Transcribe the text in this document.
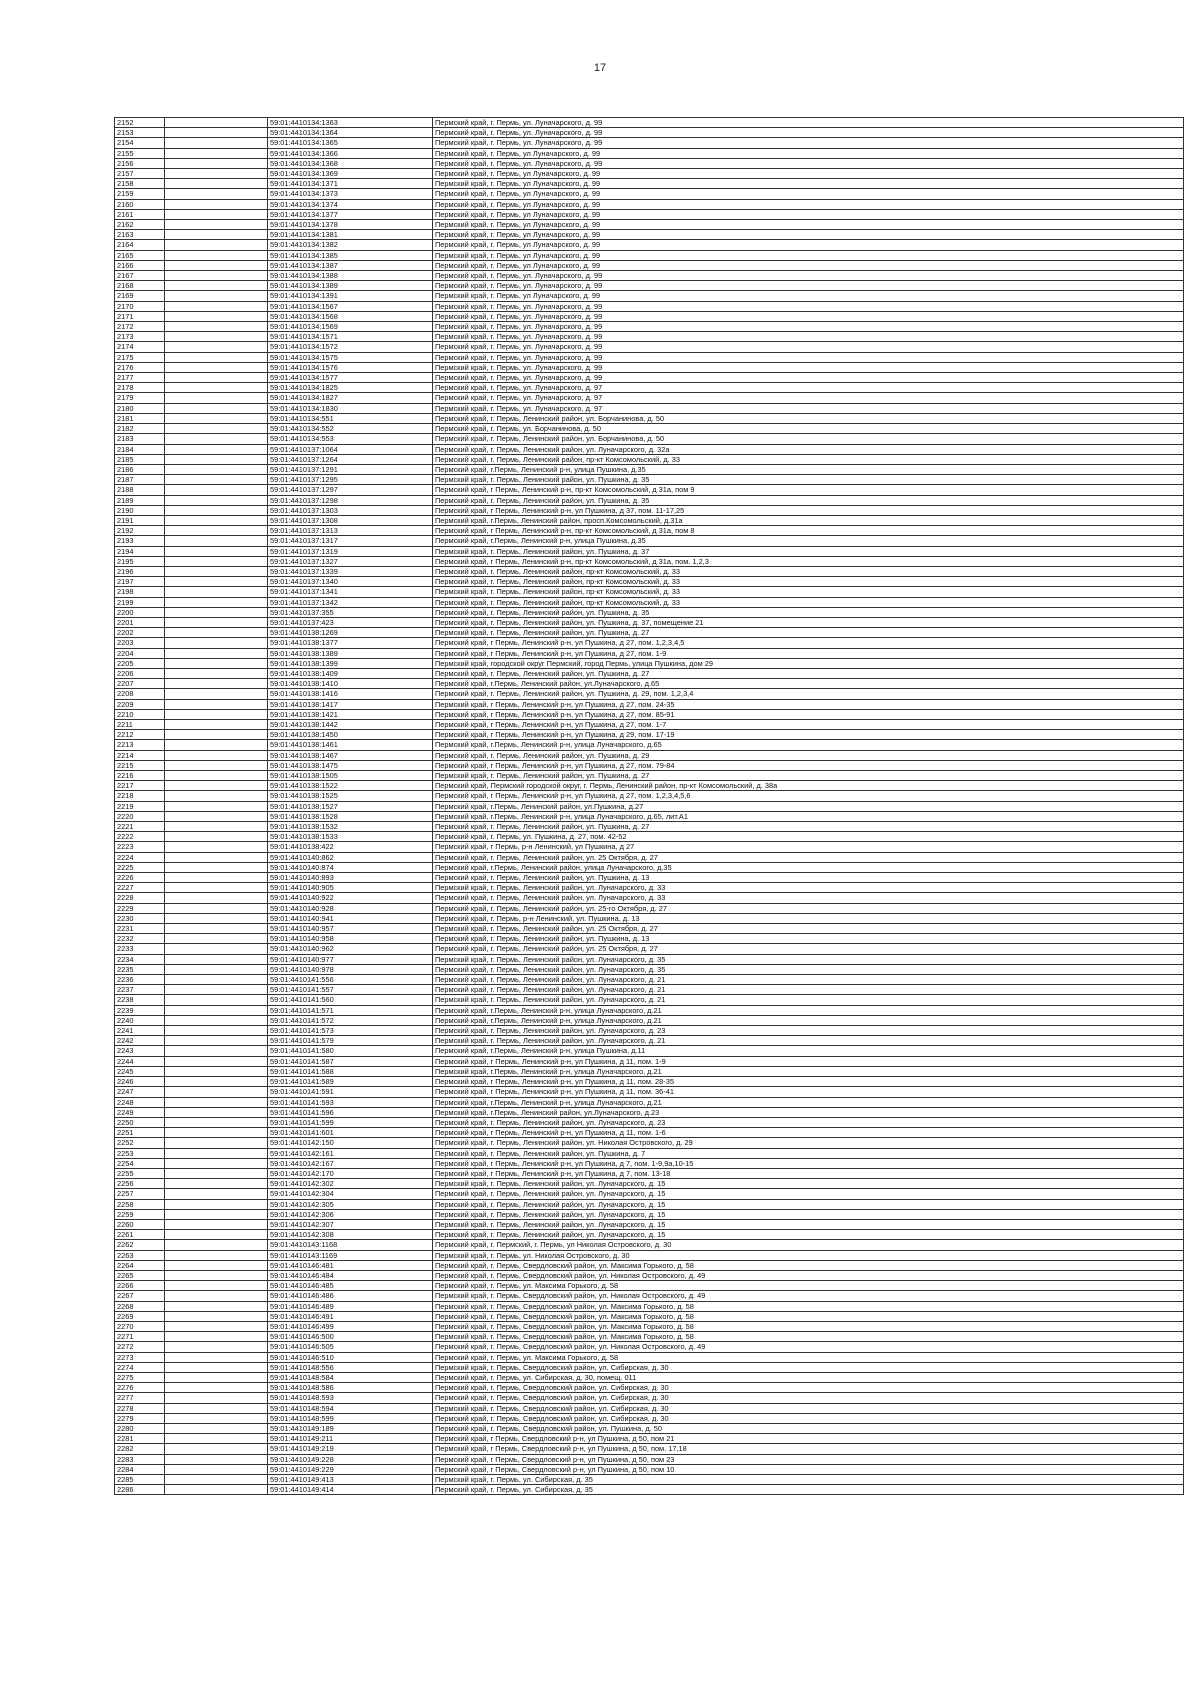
17
2152		59:01:4410134:1363	Пермский край, г. Пермь, ул. Луначарского, д. 99
2153		59:01:4410134:1364	Пермский край, г. Пермь, ул. Луначарского, д. 99
2154		59:01:4410134:1365	Пермский край, г. Пермь, ул. Луначарского, д. 99
2155		59:01:4410134:1366	Пермский край, г. Пермь, ул Луначарского, д. 99
2156		59:01:4410134:1368	Пермский край, г. Пермь, ул. Луначарского, д. 99
2157		59:01:4410134:1369	Пермский край, г. Пермь, ул Луначарского, д. 99
2158		59:01:4410134:1371	Пермский край, г. Пермь, ул Луначарского, д. 99
2159		59:01:4410134:1373	Пермский край, г. Пермь, ул Луначарского, д. 99
2160		59:01:4410134:1374	Пермский край, г. Пермь, ул Луначарского, д. 99
2161		59:01:4410134:1377	Пермский край, г. Пермь, ул Луначарского, д. 99
2162		59:01:4410134:1378	Пермский край, г. Пермь, ул Луначарского, д. 99
2163		59:01:4410134:1381	Пермский край, г. Пермь, ул Луначарского, д. 99
2164		59:01:4410134:1382	Пермский край, г. Пермь, ул Луначарского, д. 99
2165		59:01:4410134:1385	Пермский край, г. Пермь, ул Луначарского, д. 99
2166		59:01:4410134:1387	Пермский край, г. Пермь, ул Луначарского, д. 99
2167		59:01:4410134:1388	Пермский край, г. Пермь, ул. Луначарского, д. 99
2168		59:01:4410134:1389	Пермский край, г. Пермь, ул. Луначарского, д. 99
2169		59:01:4410134:1391	Пермский край, г. Пермь, ул Луначарского, д. 99
2170		59:01:4410134:1567	Пермский край, г. Пермь, ул. Луначарского, д. 99
2171		59:01:4410134:1568	Пермский край, г. Пермь, ул. Луначарского, д. 99
2172		59:01:4410134:1569	Пермский край, г. Пермь, ул. Луначарского, д. 99
2173		59:01:4410134:1571	Пермский край, г. Пермь, ул. Луначарского, д. 99
2174		59:01:4410134:1572	Пермский край, г. Пермь, ул. Луначарского, д. 99
2175		59:01:4410134:1575	Пермский край, г. Пермь, ул. Луначарского, д. 99
2176		59:01:4410134:1576	Пермский край, г. Пермь, ул. Луначарского, д. 99
2177		59:01:4410134:1577	Пермский край, г. Пермь, ул. Луначарского, д. 99
2178		59:01:4410134:1825	Пермский край, г. Пермь, ул. Луначарского, д. 97
2179		59:01:4410134:1827	Пермский край, г. Пермь, ул. Луначарского, д. 97
2180		59:01:4410134:1830	Пермский край, г. Пермь, ул. Луначарского, д. 97
2181		59:01:4410134:551	Пермский край, г. Пермь, Ленинский район, ул. Борчанинова, д. 50
2182		59:01:4410134:552	Пермский край, г. Пермь, ул. Борчанинова, д. 50
2183		59:01:4410134:553	Пермский край, г. Пермь, Ленинский район, ул. Борчанинова, д. 50
2184		59:01:4410137:1064	Пермский край, г. Пермь, Ленинский район, ул. Луначарского, д. 32а
2185		59:01:4410137:1264	Пермский край, г. Пермь, Ленинский район, пр-кт Комсомольский, д. 33
2186		59:01:4410137:1291	Пермский край, г.Пермь, Ленинский р-н, улица Пушкина, д.35
2187		59:01:4410137:1295	Пермский край, г. Пермь, Ленинский район, ул. Пушкина, д. 35
2188		59:01:4410137:1297	Пермский край, г Пермь, Ленинский р-н, пр-кт Комсомольский, д 31а, пом 9
2189		59:01:4410137:1298	Пермский край, г. Пермь, Ленинский район, ул. Пушкина, д. 35
2190		59:01:4410137:1303	Пермский край, г Пермь, Ленинский р-н, ул Пушкина, д 37, пом. 11-17,25
2191		59:01:4410137:1308	Пермский край, г.Пермь, Ленинский район, просп.Комсомольский, д.31а
2192		59:01:4410137:1313	Пермский край, г Пермь, Ленинский р-н, пр-кт Комсомольский, д 31а, пом 8
2193		59:01:4410137:1317	Пермский край, г.Пермь, Ленинский р-н, улица Пушкина, д.35
2194		59:01:4410137:1319	Пермский край, г. Пермь, Ленинский район, ул. Пушкина, д. 37
2195		59:01:4410137:1327	Пермский край, г Пермь, Ленинский р-н, пр-кт Комсомольский, д 31а, пом. 1,2,3
2196		59:01:4410137:1339	Пермский край, г. Пермь, Ленинский район, пр-кт Комсомольский, д. 33
2197		59:01:4410137:1340	Пермский край, г. Пермь, Ленинский район, пр-кт Комсомольский, д. 33
2198		59:01:4410137:1341	Пермский край, г. Пермь, Ленинский район, пр-кт Комсомольский, д. 33
2199		59:01:4410137:1342	Пермский край, г. Пермь, Ленинский район, пр-кт Комсомольский, д. 33
2200		59:01:4410137:355	Пермский край, г. Пермь, Ленинский район, ул. Пушкина, д. 35
2201		59:01:4410137:423	Пермский край, г. Пермь, Ленинский район, ул. Пушкина, д. 37, помещение 21
2202		59:01:4410138:1269	Пермский край, г. Пермь, Ленинский район, ул. Пушкина, д. 27
2203		59:01:4410138:1377	Пермский край, г Пермь, Ленинский р-н, ул Пушкина, д 27, пом. 1,2,3,4,5
2204		59:01:4410138:1389	Пермский край, г Пермь, Ленинский р-н, ул Пушкина, д 27, пом. 1-9
2205		59:01:4410138:1399	Пермский край, городской округ Пермский, город Пермь, улица Пушкина, дом 29
2206		59:01:4410138:1409	Пермский край, г. Пермь, Ленинский район, ул. Пушкина, д. 27
2207		59:01:4410138:1410	Пермский край, г.Пермь, Ленинский район, ул.Луначарского, д.65
2208		59:01:4410138:1416	Пермский край, г. Пермь, Ленинский район, ул. Пушкина, д. 29, пом. 1,2,3,4
2209		59:01:4410138:1417	Пермский край, г Пермь, Ленинский р-н, ул Пушкина, д 27, пом. 24-35
2210		59:01:4410138:1421	Пермский край, г Пермь, Ленинский р-н, ул Пушкина, д 27, пом. 85-91
2211		59:01:4410138:1442	Пермский край, г Пермь, Ленинский р-н, ул Пушкина, д 27, пом. 1-7
2212		59:01:4410138:1450	Пермский край, г Пермь, Ленинский р-н, ул Пушкина, д 29, пом. 17-19
2213		59:01:4410138:1461	Пермский край, г.Пермь, Ленинский р-н, улица Луначарского, д.65
2214		59:01:4410138:1467	Пермский край, г. Пермь, Ленинский район, ул. Пушкина, д. 29
2215		59:01:4410138:1475	Пермский край, г Пермь, Ленинский р-н, ул Пушкина, д 27, пом. 79-84
2216		59:01:4410138:1505	Пермский край, г. Пермь, Ленинский район, ул. Пушкина, д. 27
2217		59:01:4410138:1522	Пермский край, Пермский городской округ, г. Пермь, Ленинский район, пр-кт Комсомольский, д. 38а
2218		59:01:4410138:1525	Пермский край, г Пермь, Ленинский р-н, ул Пушкина, д 27, пом. 1,2,3,4,5,6
2219		59:01:4410138:1527	Пермский край, г.Пермь, Ленинский район, ул.Пушкина, д.27
2220		59:01:4410138:1528	Пермский край, г.Пермь, Ленинский р-н, улица Луначарского, д.65, лит.А1
2221		59:01:4410138:1532	Пермский край, г. Пермь, Ленинский район, ул. Пушкина, д. 27
2222		59:01:4410138:1533	Пермский край, г. Пермь, ул. Пушкина, д. 27, пом. 42-52
2223		59:01:4410138:422	Пермский край, г Пермь, р-н Ленинский, ул Пушкина, д 27
2224		59:01:4410140:862	Пермский край, г. Пермь, Ленинский район, ул. 25 Октября, д. 27
2225		59:01:4410140:874	Пермский край, г.Пермь, Ленинский район, улица Луначарского, д.35
2226		59:01:4410140:893	Пермский край, г. Пермь, Ленинский район, ул. Пушкина, д. 13
2227		59:01:4410140:905	Пермский край, г. Пермь, Ленинский район, ул. Луначарского, д. 33
2228		59:01:4410140:922	Пермский край, г. Пермь, Ленинский район, ул. Луначарского, д. 33
2229		59:01:4410140:928	Пермский край, г. Пермь, Ленинский район, ул. 25-го Октября, д. 27
2230		59:01:4410140:941	Пермский край, г. Пермь, р-н Ленинский, ул. Пушкина, д. 13
2231		59:01:4410140:957	Пермский край, г. Пермь, Ленинский район, ул. 25 Октября, д. 27
2232		59:01:4410140:958	Пермский край, г. Пермь, Ленинский район, ул. Пушкина, д. 13
2233		59:01:4410140:962	Пермский край, г. Пермь, Ленинский район, ул. 25 Октября, д. 27
2234		59:01:4410140:977	Пермский край, г. Пермь, Ленинский район, ул. Луначарского, д. 35
2235		59:01:4410140:978	Пермский край, г. Пермь, Ленинский район, ул. Луначарского, д. 35
2236		59:01:4410141:556	Пермский край, г. Пермь, Ленинский район, ул. Луначарского, д. 21
2237		59:01:4410141:557	Пермский край, г. Пермь, Ленинский район, ул. Луначарского, д. 21
2238		59:01:4410141:560	Пермский край, г. Пермь, Ленинский район, ул. Луначарского, д. 21
2239		59:01:4410141:571	Пермский край, г.Пермь, Ленинский р-н, улица Луначарского, д.21
2240		59:01:4410141:572	Пермский край, г.Пермь, Ленинский р-н, улица Луначарского, д.21
2241		59:01:4410141:573	Пермский край, г. Пермь, Ленинский район, ул. Луначарского, д. 23
2242		59:01:4410141:579	Пермский край, г. Пермь, Ленинский район, ул. Луначарского, д. 21
2243		59:01:4410141:580	Пермский край, г.Пермь, Ленинский р-н, улица Пушкина, д.11
2244		59:01:4410141:587	Пермский край, г Пермь, Ленинский р-н, ул Пушкина, д 11, пом. 1-9
2245		59:01:4410141:588	Пермский край, г.Пермь, Ленинский р-н, улица Луначарского, д.21
2246		59:01:4410141:589	Пермский край, г Пермь, Ленинский р-н, ул Пушкина, д 11, пом. 28-35
2247		59:01:4410141:591	Пермский край, г Пермь, Ленинский р-н, ул Пушкина, д 11, пом. 36-41
2248		59:01:4410141:593	Пермский край, г.Пермь, Ленинский р-н, улица Луначарского, д.21
2249		59:01:4410141:596	Пермский край, г.Пермь, Ленинский район, ул.Луначарского, д.23
2250		59:01:4410141:599	Пермский край, г. Пермь, Ленинский район, ул. Луначарского, д. 23
2251		59:01:4410141:601	Пермский край, г Пермь, Ленинский р-н, ул Пушкина, д 11, пом. 1-6
2252		59:01:4410142:150	Пермский край, г. Пермь, Ленинский район, ул. Николая Островского, д. 29
2253		59:01:4410142:161	Пермский край, г. Пермь, Ленинский район, ул. Пушкина, д. 7
2254		59:01:4410142:167	Пермский край, г Пермь, Ленинский р-н, ул Пушкина, д 7, пом. 1-9,9а,10-15
2255		59:01:4410142:170	Пермский край, г Пермь, Ленинский р-н, ул Пушкина, д 7, пом. 13-18
2256		59:01:4410142:302	Пермский край, г. Пермь, Ленинский район, ул. Луначарского, д. 15
2257		59:01:4410142:304	Пермский край, г. Пермь, Ленинский район, ул. Луначарского, д. 15
2258		59:01:4410142:305	Пермский край, г. Пермь, Ленинский район, ул. Луначарского, д. 15
2259		59:01:4410142:306	Пермский край, г. Пермь, Ленинский район, ул. Луначарского, д. 15
2260		59:01:4410142:307	Пермский край, г. Пермь, Ленинский район, ул. Луначарского, д. 15
2261		59:01:4410142:308	Пермский край, г. Пермь, Ленинский район, ул. Луначарского, д. 15
2262		59:01:4410143:1168	Пермский край, г. Пермский, г. Пермь, ул Николая Островского, д. 30
2263		59:01:4410143:1169	Пермский край, г. Пермь, ул. Николая Островского, д. 30
2264		59:01:4410146:481	Пермский край, г. Пермь, Свердловский район, ул. Максима Горького, д. 58
2265		59:01:4410146:484	Пермский край, г. Пермь, Свердловский район, ул. Николая Островского, д. 49
2266		59:01:4410146:485	Пермский край, г. Пермь, ул. Максима Горького, д. 58
2267		59:01:4410146:486	Пермский край, г. Пермь, Свердловский район, ул. Николая Островского, д. 49
2268		59:01:4410146:489	Пермский край, г. Пермь, Свердловский район, ул. Максима Горького, д. 58
2269		59:01:4410146:491	Пермский край, г. Пермь, Свердловский район, ул. Максима Горького, д. 58
2270		59:01:4410146:499	Пермский край, г. Пермь, Свердловский район, ул. Максима Горького, д. 58
2271		59:01:4410146:500	Пермский край, г. Пермь, Свердловский район, ул. Максима Горького, д. 58
2272		59:01:4410146:505	Пермский край, г. Пермь, Свердловский район, ул. Николая Островского, д. 49
2273		59:01:4410146:510	Пермский край, г. Пермь, ул. Максима Горького, д. 58
2274		59:01:4410148:556	Пермский край, г. Пермь, Свердловский район, ул. Сибирская, д. 30
2275		59:01:4410148:584	Пермский край, г. Пермь, ул. Сибирская, д. 30, помещ. 011
2276		59:01:4410148:586	Пермский край, г. Пермь, Свердловский район, ул. Сибирская, д. 30
2277		59:01:4410148:593	Пермский край, г. Пермь, Свердловский район, ул. Сибирская, д. 30
2278		59:01:4410148:594	Пермский край, г. Пермь, Свердловский район, ул. Сибирская, д. 30
2279		59:01:4410148:599	Пермский край, г. Пермь, Свердловский район, ул. Сибирская, д. 30
2280		59:01:4410149:189	Пермский край, г. Пермь, Свердловский район, ул. Пушкина, д. 50
2281		59:01:4410149:211	Пермский край, г Пермь, Свердловский р-н, ул Пушкина, д 50, пом 21
2282		59:01:4410149:219	Пермский край, г Пермь, Свердловский р-н, ул Пушкина, д 50, пом. 17,18
2283		59:01:4410149:228	Пермский край, г Пермь, Свердловский р-н, ул Пушкина, д 50, пом 23
2284		59:01:4410149:229	Пермский край, г Пермь, Свердловский р-н, ул Пушкина, д 50, пом 10
2285		59:01:4410149:413	Пермский край, г. Пермь, ул. Сибирская, д. 35
2286		59:01:4410149:414	Пермский край, г. Пермь, ул. Сибирская, д. 35
